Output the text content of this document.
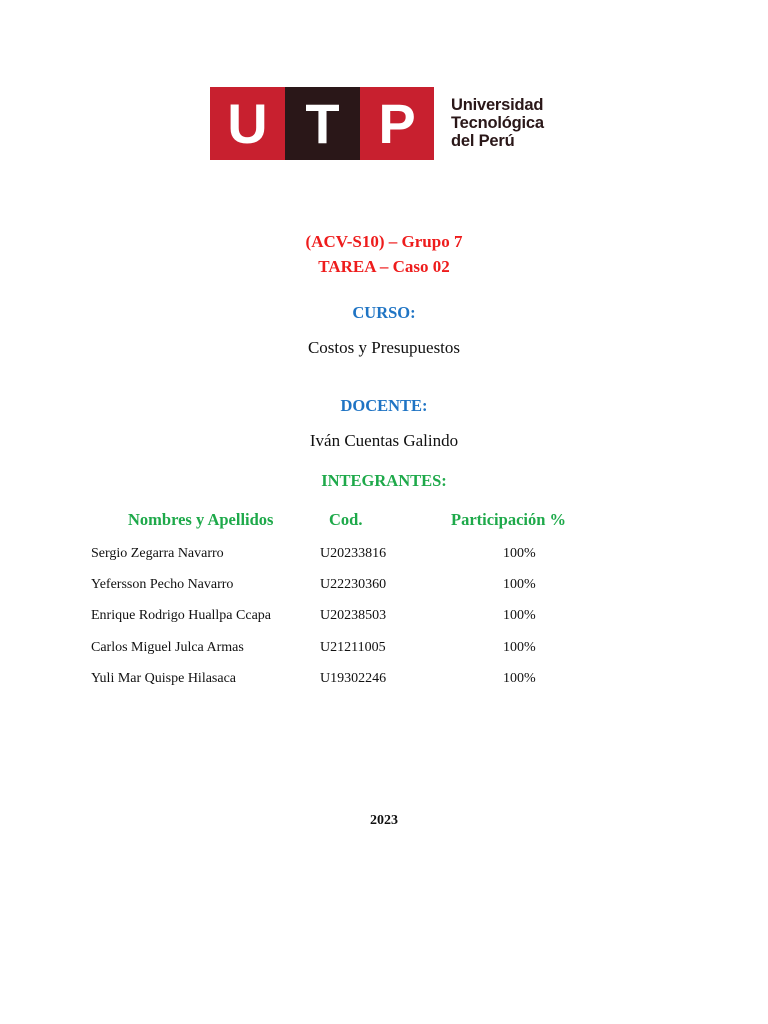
U T P Universidad
Tecnológica
del Perú
(ACV-S10) – Grupo 7
TAREA – Caso 02
CURSO:
Costos y Presupuestos
DOCENTE:
Iván Cuentas Galindo
INTEGRANTES:
Nombres y Apellidos	Cod.	Participación %
Sergio Zegarra Navarro	U20233816	100%
Yefersson Pecho Navarro	U22230360	100%
Enrique Rodrigo Huallpa Ccapa	U20238503	100%
Carlos Miguel Julca Armas	U21211005	100%
Yuli Mar Quispe Hilasaca	U19302246	100%
2023
